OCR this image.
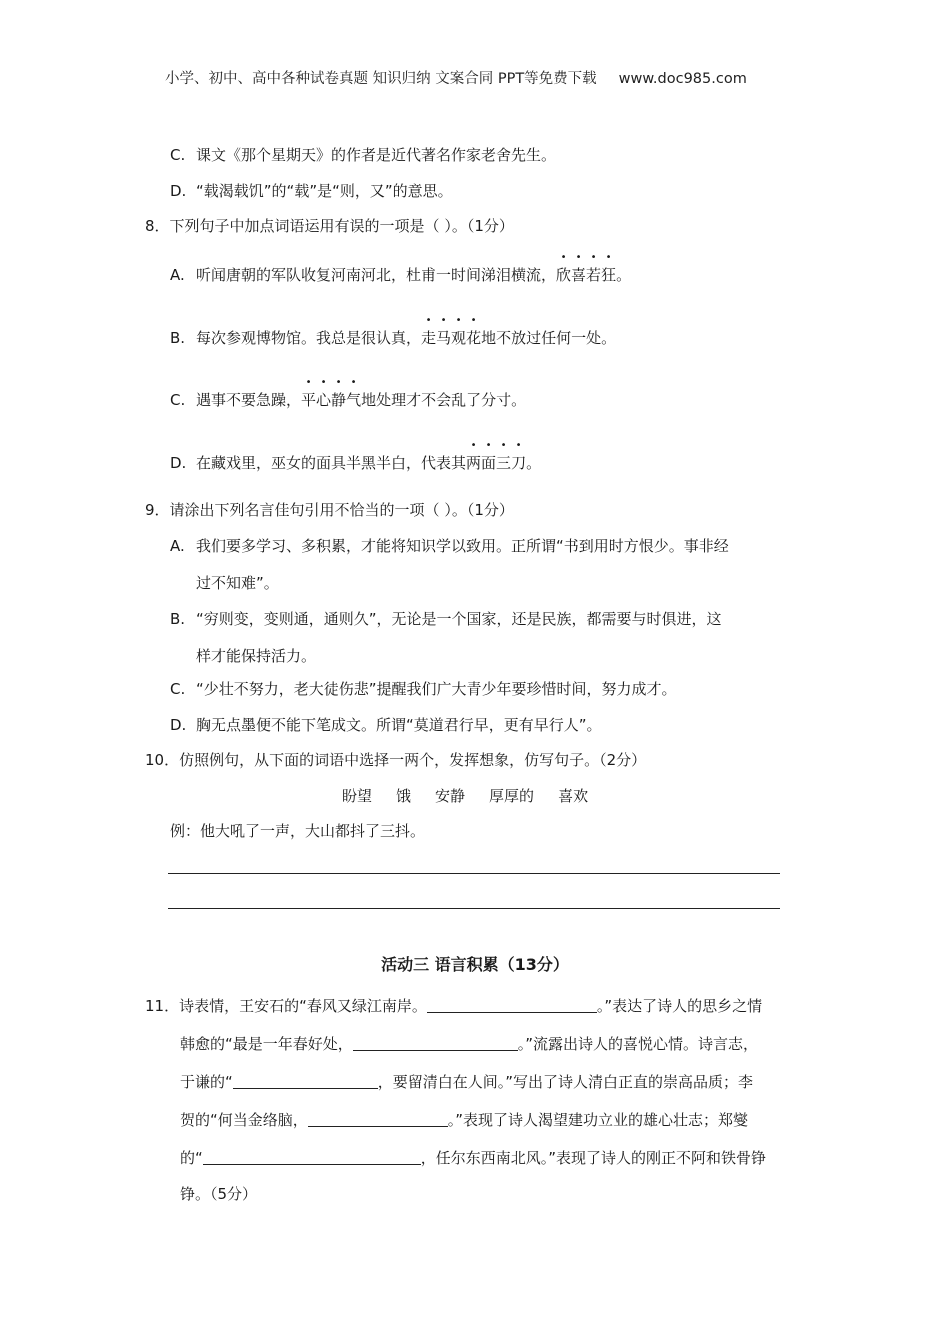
小学、初中、高中各种试卷真题 知识归纳 文案合同 PPT等免费下载 www.doc985.com
C. 课文《那个星期天》的作者是近代著名作家老舍先生。
D. “载渴载饥”的“载”是“则，又”的意思。
8．下列句子中加点词语运用有误的一项是（ ）。（1分）
A. 听闻唐朝的军队收复河南河北，杜甫一时间涕泪横流，欣喜若狂。
B. 每次参观博物馆。我总是很认真，走马观花地不放过任何一处。
C. 遇事不要急躁，平心静气地处理才不会乱了分寸。
D. 在藏戏里，巫女的面具半黑半白，代表其两面三刀。
9．请涂出下列名言佳句引用不恰当的一项（ ）。（1分）
A. 我们要多学习、多积累，才能将知识学以致用。正所谓“书到用时方恨少。事非经
过不知难”。
B. “穷则变，变则通，通则久”，无论是一个国家，还是民族，都需要与时俱进，这
样才能保持活力。
C. “少壮不努力，老大徒伤悲”提醒我们广大青少年要珍惜时间，努力成才。
D. 胸无点墨便不能下笔成文。所谓“莫道君行早，更有早行人”。
10．仿照例句，从下面的词语中选择一两个，发挥想象，仿写句子。（2分）
盼望 饿 安静 厚厚的 喜欢
例：他大吼了一声，大山都抖了三抖。
活动三 语言积累（13分）
11．诗表情，王安石的“春风又绿江南岸。	。”表达了诗人的思乡之情
韩愈的“最是一年春好处，	。”流露出诗人的喜悦心情。诗言志，
于谦的“	，要留清白在人间。”写出了诗人清白正直的崇高品质；李
贺的“何当金络脑，	。”表现了诗人渴望建功立业的雄心壮志；郑燮
的“	，任尔东西南北风。”表现了诗人的刚正不阿和铁骨铮
铮。（5分）
